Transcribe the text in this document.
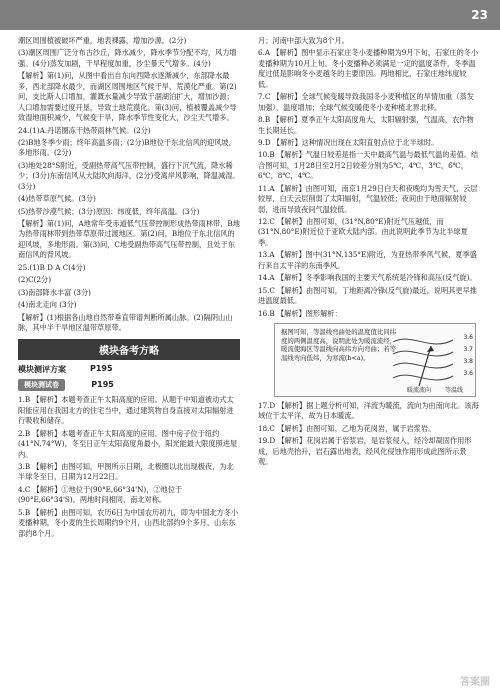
23

潮区周围植被破坏严重，地表裸露，增加沙源。(2分)

(3)潮区周围广泛分布古沙丘，降水减少，降水季节分配不均，风力增强。(4分)蒸发加剧，干旱程度加重，沙尘暴天气增多。(4分)

【解析】第(1)问，从图中看出自东向西降水逐渐减少，东部降水最多，西北部降水最少，而湖区周围地区气候干旱，荒漠化严重。第(2)问，支比斯人口增加，灌溉水量减少导致干涸湖泊扩大，增加沙源；人口增加需要过度开垦，导致土地荒漠化。第(3)问，植被覆盖减少导致湿地面积减少，气候变干旱，降水季节性变化大，沙尘天气增多。

24.(1)A.丹诺圈冻干热带雨林气候。(2分)

(2)B地冬季少雨；终年高温多雨；(2分)B地位于东北信风的迎风坡，多地形雨。(2分)

(3)地处28°S附近，受副热带高气压带控制，盛行下沉气流，降水稀少；(3分)东南信风从大陆吹向海洋，(2分)受离岸风影响，降温减湿。(3分)

(4)热带草原气候。(3分)

(5)热带沙漠气候；(3分)原因：纬度低，终年高温。(3分)

【解析】第(1)问，A地常年受赤道低气压带控制形成热带雨林带，B地为热带雨林带到热带草原带过渡地区。第(2)问，B地位于东北信风的迎风坡，多地形雨。第(3)问，C地受副热带高气压带控制，且处于东南信风的背风坡。

25.(1)B D A C(4分)

(2)C(2分)

(3)南部降水丰富 (3分)

(4)南北走向 (3分)

【解析】(1)根据各山地自然带垂直带谱判断所属山脉。(2)隔阴山山脉，其中半干旱地区温带草原带。

模块备考方略
模块测评方案	P195
模块测试卷	P195

1.B 【解析】本题考查正午太阳高度的应用。从题干中知道被动式太阳能应用在我国北方的住宅当中，通过建筑物自身直接对太阳辐射进行吸收和储存。

2.B 【解析】本题考查正午太阳高度的应用。图中房子位于纽约(41°N,74°W)，冬至日正午太阳高度角最小，阳光能最大限度照进屋内。

3.B 【解析】由图可知，甲图所示日期，北极圈以北出现极夜，为北半球冬至日，日期为12月22日。

4.C 【解析】①地位于(90°E,66°34'N)，②地位于(90°E,66°34'S)。两地时间相同，南北对称。

5.B 【解析】由图可知，农历6日为中国农历初九，即为中国北方冬小麦播种期，冬小麦的生长周期约9个月，山西北部约9个多月，山东东部约8个月。

月；河南中部大致为8个月。

6.A 【解析】图中显示石家庄冬小麦播种期为9月下旬，石家庄的冬小麦播种期为10月上旬。冬小麦播种必须满足一定的温度条件，冬季温度过低是影响冬小麦越冬的主要原因。两地相比，石家庄地纬度较低。

7.C 【解析】全球气候变暖导致我国冬小麦种植区的旱情加重（蒸发加强），温度增加；全球气候变暖使冬小麦种植北界北移。

8.B 【解析】夏季正午太阳高度角大，太阳辐射强，气温高，农作物生长期延长。

9.D 【解析】这种情况出现在太阳直射点位于北半球时。

10.B 【解析】气温日较差是指一天中最高气温与最低气温的差值。结合图可知，1月28日至2月2日较差分别为5℃，4℃，3℃，6℃，6℃，8℃，4℃。

11.A 【解析】由图可知，南京1月29日白天和夜晚均为雪天气，云层较厚，白天云层削弱了太阳辐射，气温较低；夜间由于地面辐射较弱，进而导致夜间气温较低。

12.C 【解析】由图可知，(31°N,80°E)附近气压越低，而(31°N,80°E)附近位于亚欧大陆内部。由此说明此季节为北半球夏季。

13.A 【解析】图中(31°N,135°E)附近，为亚热带季风气候，夏季盛行来自太平洋的东南季风。

14.A 【解析】冬季影响我国的主要天气系统是冷锋和高压(反气旋)。

15.C 【解析】由图可知，丁地距离冷锋(反气旋)最近，说明其更早推进温度最低。

16.B 【解析】图形解析：

据图可知，等温线弯曲处的温度值比同纬度的两侧温度高，说明此处为暖流流经，暖流使海区等温线向高纬方向弯曲；若等温线弯向低纬，为寒流(b<a)。
3.6
3.7
3.8
3.6
暖流流向 等温线

17.D 【解析】据上题分析可知，洋流为暖流，流向为由南向北。该海域位于太平洋，故为日本暖流。

18.C 【解析】由图可知，乙地为花岗岩，属于岩浆岩。

19.D 【解析】花岗岩属于岩浆岩，是岩浆侵入，经冷却凝固作用形成，后地壳抬升，岩石露出地表，经风化侵蚀作用形成此图所示景观。

答案圈
